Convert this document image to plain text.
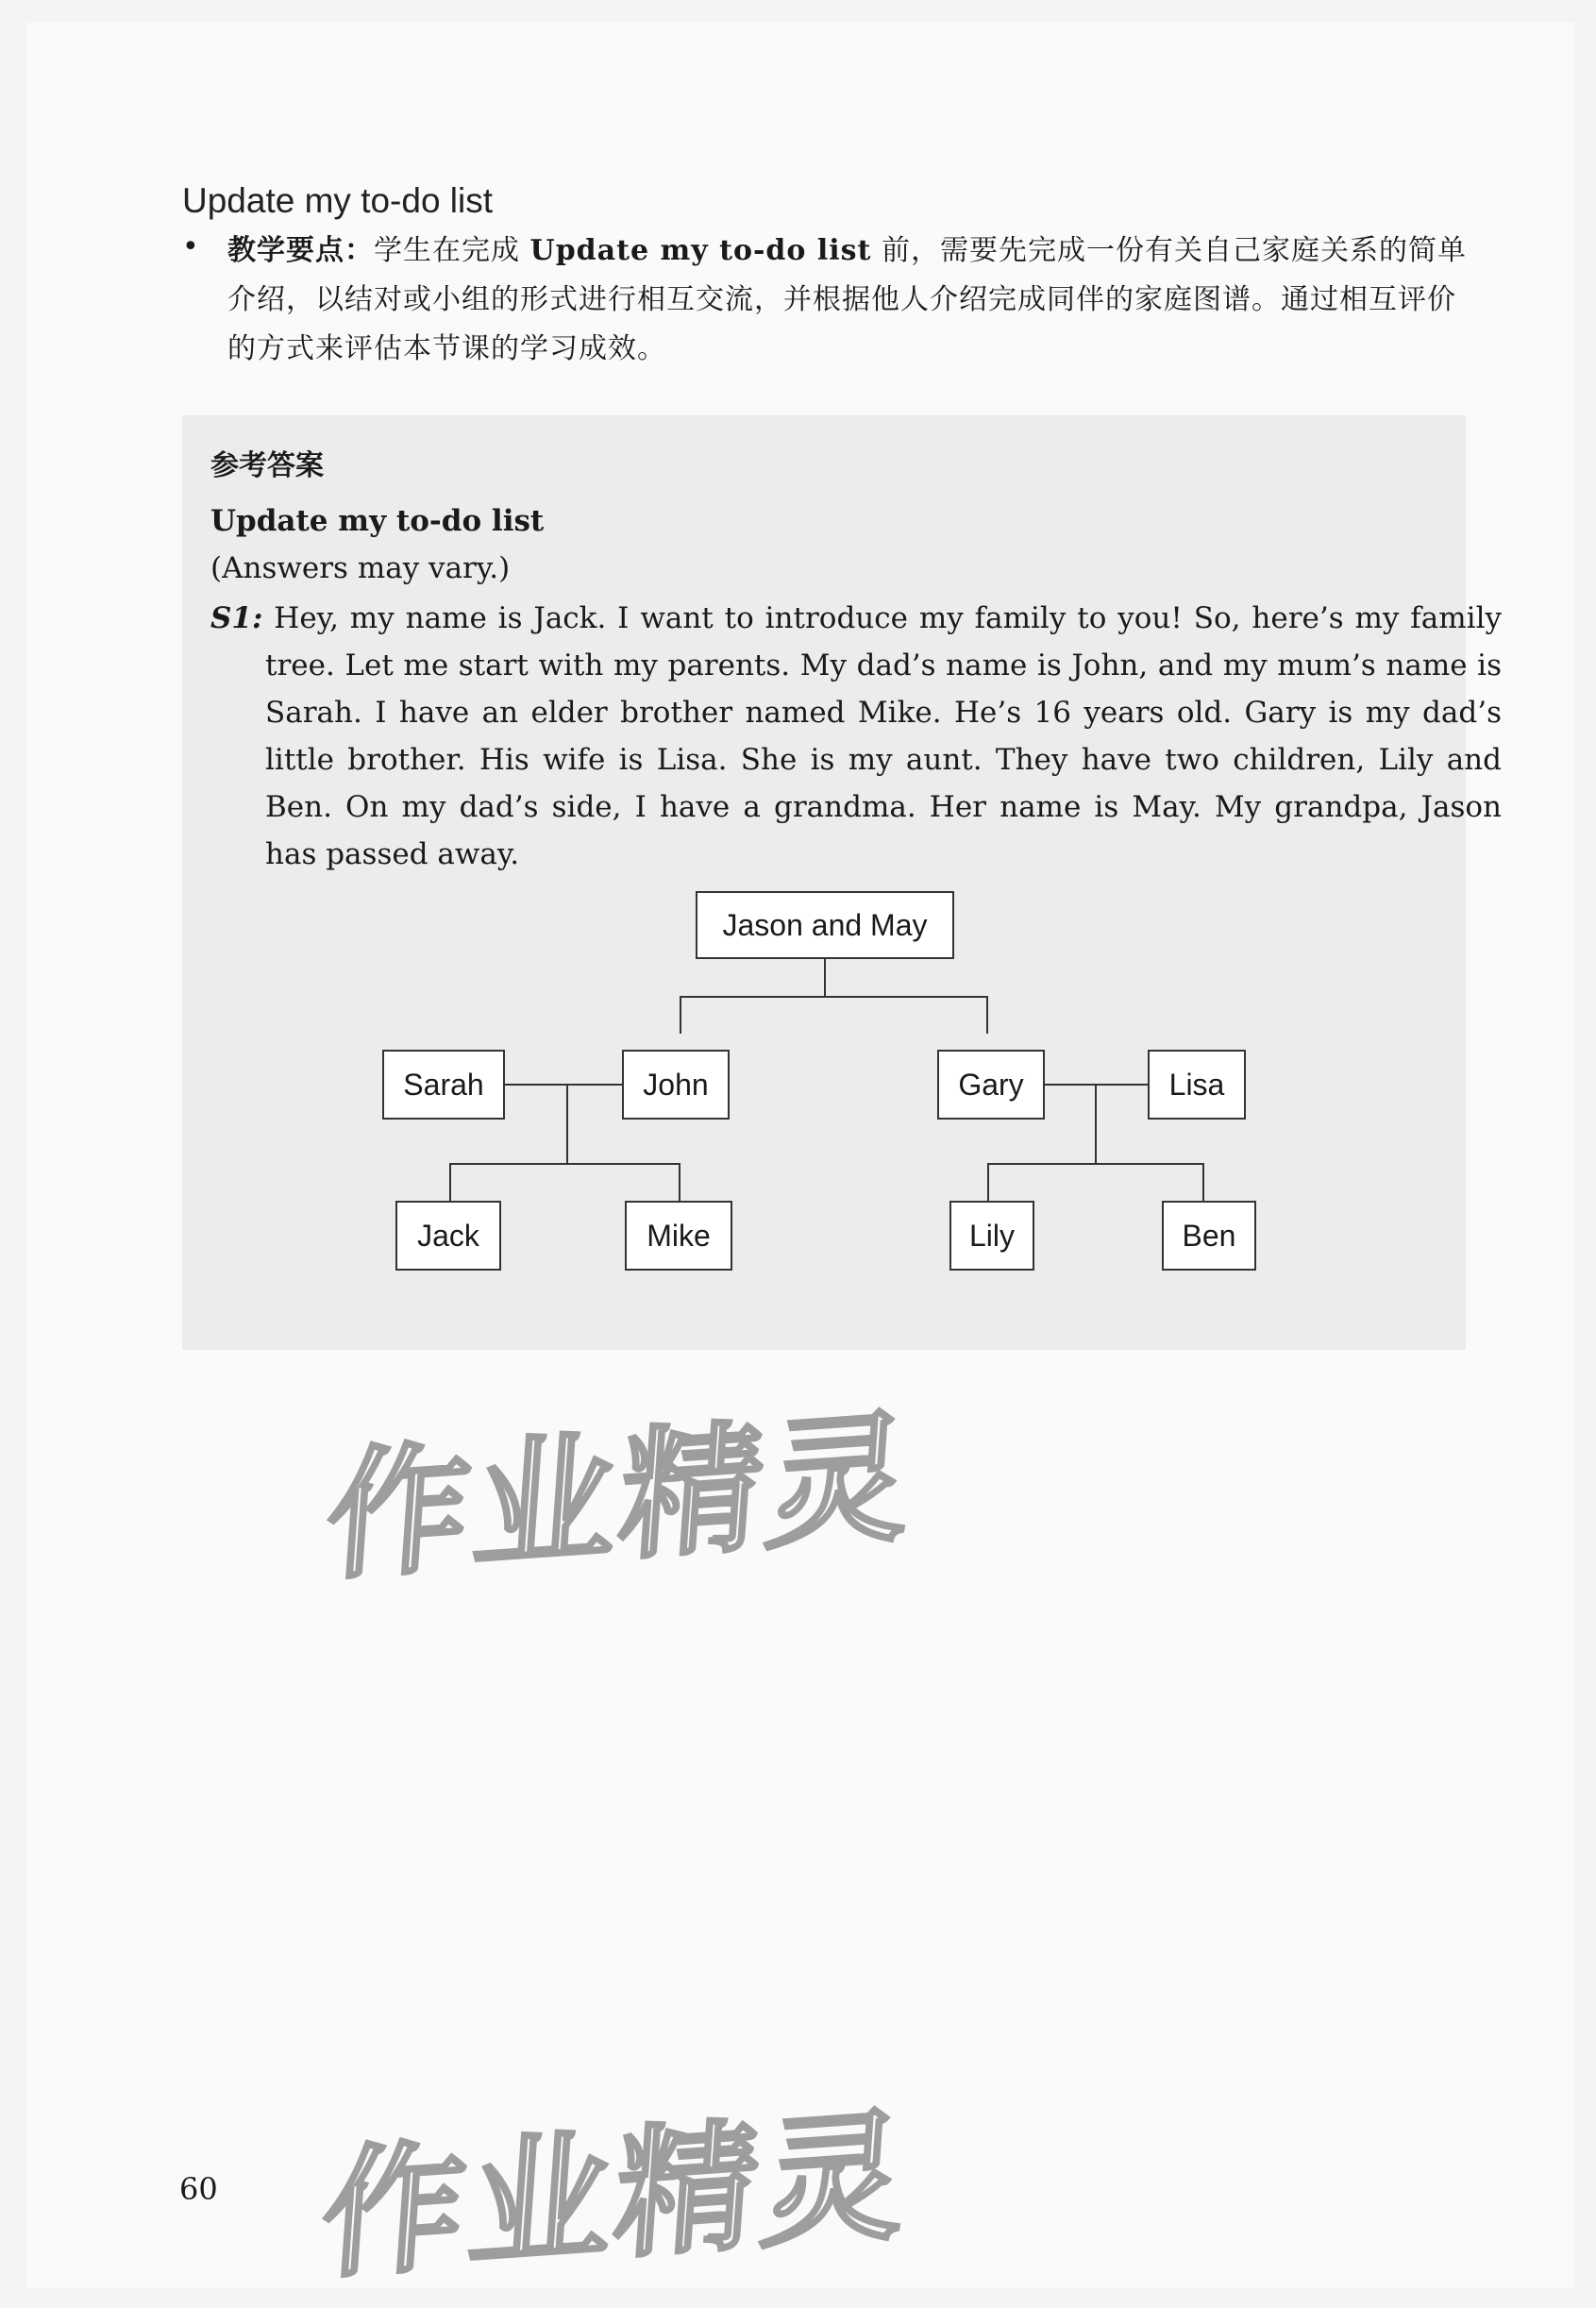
Update my to-do list
• 教学要点：学生在完成 Update my to-do list 前，需要先完成一份有关自己家庭关系的简单介绍，以结对或小组的形式进行相互交流，并根据他人介绍完成同伴的家庭图谱。通过相互评价的方式来评估本节课的学习成效。
参考答案
Update my to-do list
(Answers may vary.)
S1: Hey, my name is Jack. I want to introduce my family to you! So, here’s my family tree. Let me start with my parents. My dad’s name is John, and my mum’s name is Sarah. I have an elder brother named Mike. He’s 16 years old. Gary is my dad’s little brother. His wife is Lisa. She is my aunt. They have two children, Lily and Ben. On my dad’s side, I have a grandma. Her name is May. My grandpa, Jason has passed away.
Jason and May
Sarah	John	Gary	Lisa
Jack	Mike	Lily	Ben
作业精灵
作业精灵
60
